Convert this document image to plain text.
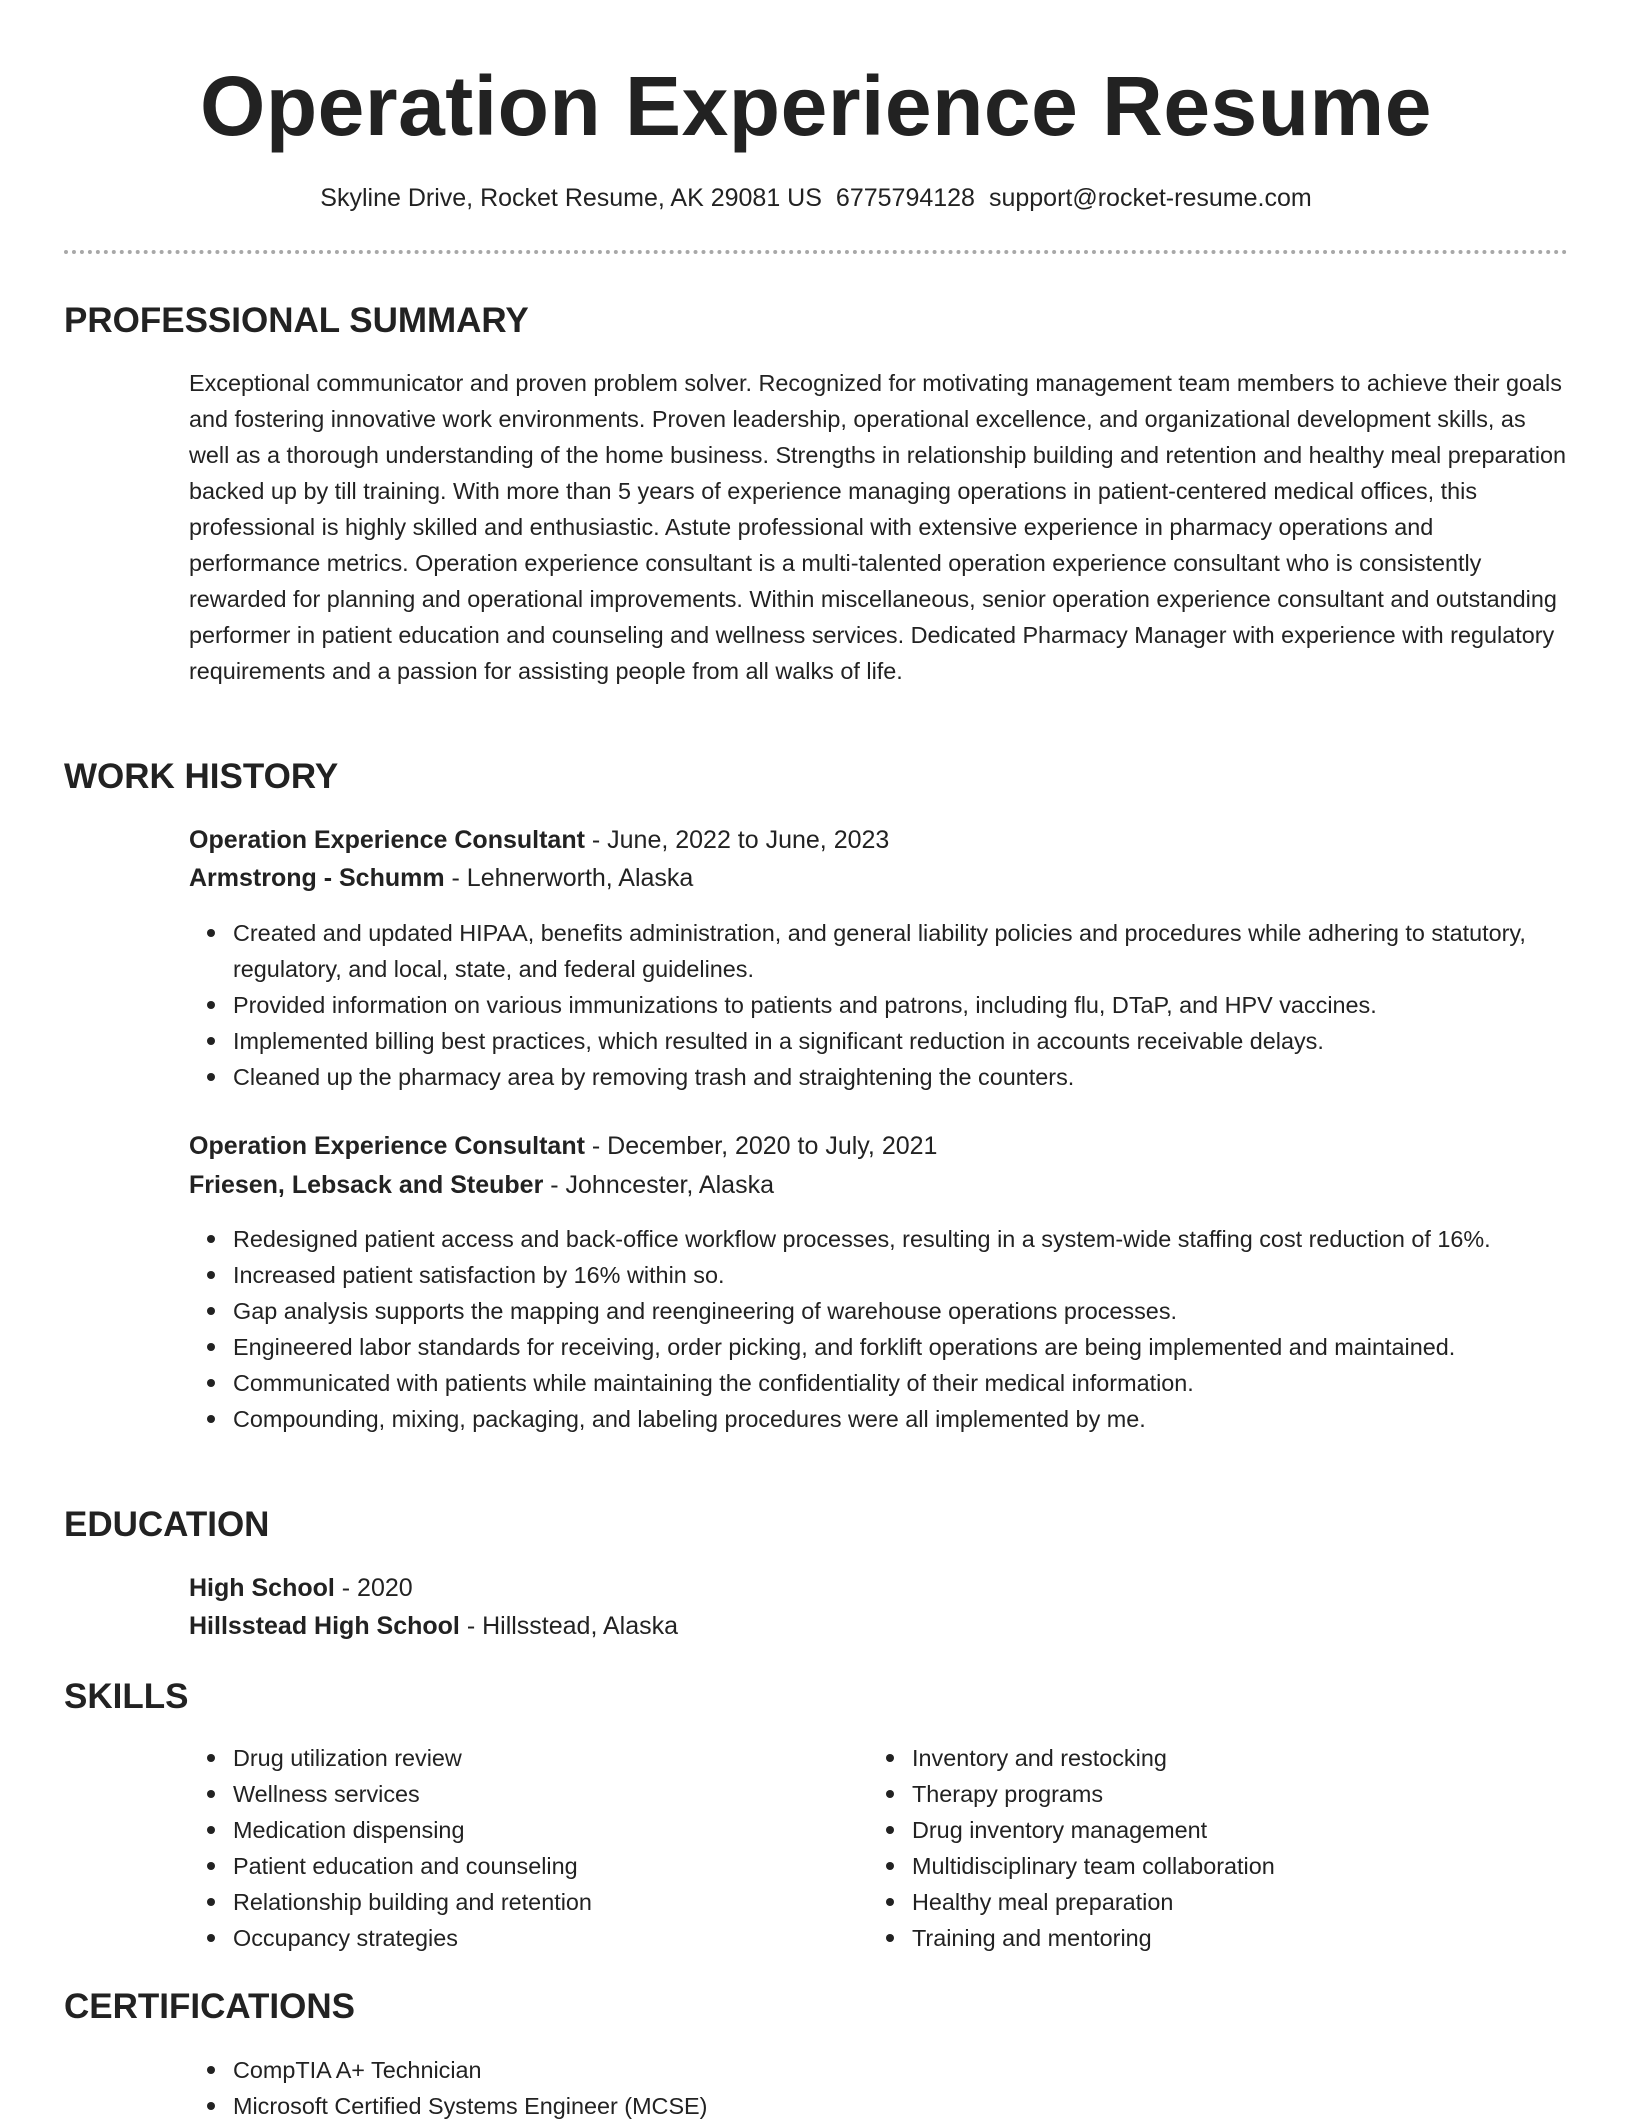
Operation Experience Resume
Skyline Drive, Rocket Resume, AK 29081 US 6775794128 support@rocket-resume.com
PROFESSIONAL SUMMARY

Exceptional communicator and proven problem solver. Recognized for motivating management team members to achieve their goals and fostering innovative work environments. Proven leadership, operational excellence, and organizational development skills, as well as a thorough understanding of the home business. Strengths in relationship building and retention and healthy meal preparation backed up by till training. With more than 5 years of experience managing operations in patient-centered medical offices, this professional is highly skilled and enthusiastic. Astute professional with extensive experience in pharmacy operations and performance metrics. Operation experience consultant is a multi-talented operation experience consultant who is consistently rewarded for planning and operational improvements. Within miscellaneous, senior operation experience consultant and outstanding performer in patient education and counseling and wellness services. Dedicated Pharmacy Manager with experience with regulatory requirements and a passion for assisting people from all walks of life.

WORK HISTORY
Operation Experience Consultant - June, 2022 to June, 2023
Armstrong - Schumm - Lehnerworth, Alaska
Created and updated HIPAA, benefits administration, and general liability policies and procedures while adhering to statutory, regulatory, and local, state, and federal guidelines.
Provided information on various immunizations to patients and patrons, including flu, DTaP, and HPV vaccines.
Implemented billing best practices, which resulted in a significant reduction in accounts receivable delays.
Cleaned up the pharmacy area by removing trash and straightening the counters.
Operation Experience Consultant - December, 2020 to July, 2021
Friesen, Lebsack and Steuber - Johncester, Alaska
Redesigned patient access and back-office workflow processes, resulting in a system-wide staffing cost reduction of 16%.
Increased patient satisfaction by 16% within so.
Gap analysis supports the mapping and reengineering of warehouse operations processes.
Engineered labor standards for receiving, order picking, and forklift operations are being implemented and maintained.
Communicated with patients while maintaining the confidentiality of their medical information.
Compounding, mixing, packaging, and labeling procedures were all implemented by me.
EDUCATION
High School - 2020
Hillsstead High School - Hillsstead, Alaska
SKILLS
Drug utilization review
Wellness services
Medication dispensing
Patient education and counseling
Relationship building and retention
Occupancy strategies
Inventory and restocking
Therapy programs
Drug inventory management
Multidisciplinary team collaboration
Healthy meal preparation
Training and mentoring
CERTIFICATIONS
CompTIA A+ Technician
Microsoft Certified Systems Engineer (MCSE)
